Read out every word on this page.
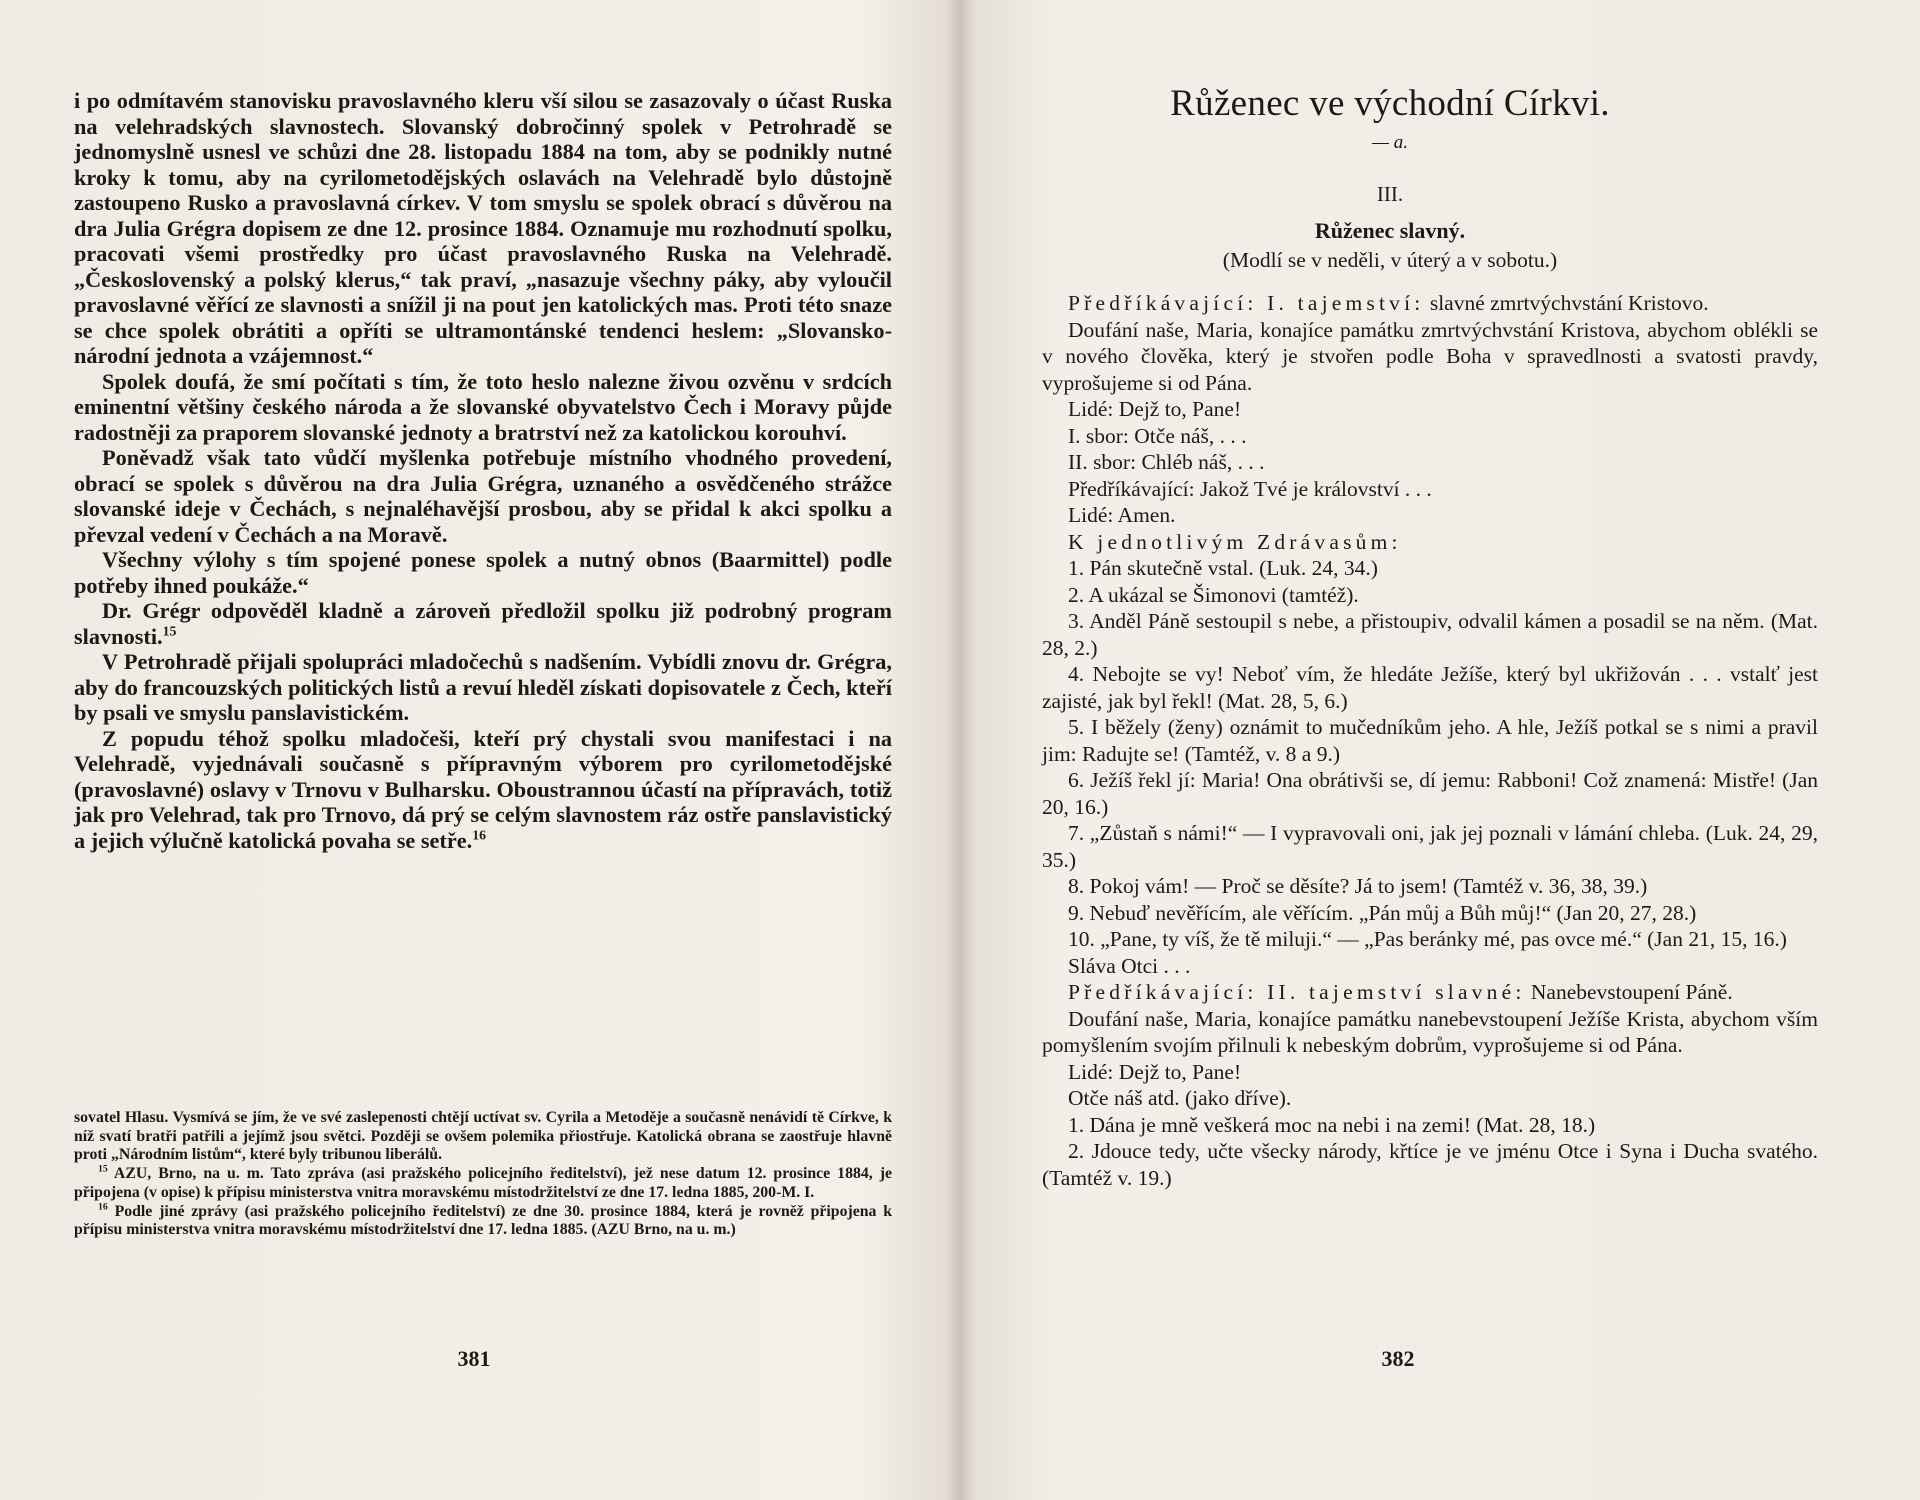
i po odmítavém stanovisku pravoslavného kleru vší silou se zasazovaly o účast Ruska na velehradských slavnostech. Slovanský dobročinný spolek v Petrohradě se jednomyslně usnesl ve schůzi dne 28. listopadu 1884 na tom, aby se podnikly nutné kroky k tomu, aby na cyrilometodějských oslavách na Velehradě bylo důstojně zastoupeno Rusko a pravoslavná církev. V tom smyslu se spolek obrací s důvěrou na dra Julia Grégra dopisem ze dne 12. prosince 1884. Oznamuje mu rozhodnutí spolku, pracovati všemi prostředky pro účast pravoslavného Ruska na Velehradě. „Československý a polský klerus,“ tak praví, „nasazuje všechny páky, aby vyloučil pravoslavné věřící ze slavnosti a snížil ji na pout jen katolických mas. Proti této snaze se chce spolek obrátiti a opříti se ultramontánské tendenci heslem: „Slovansko-národní jednota a vzájemnost.“

Spolek doufá, že smí počítati s tím, že toto heslo nalezne živou ozvěnu v srdcích eminentní většiny českého národa a že slovanské obyvatelstvo Čech i Moravy půjde radostněji za praporem slovanské jednoty a bratrství než za katolickou korouhví.

Poněvadž však tato vůdčí myšlenka potřebuje místního vhodného provedení, obrací se spolek s důvěrou na dra Julia Grégra, uznaného a osvědčeného strážce slovanské ideje v Čechách, s nejnaléhavější prosbou, aby se přidal k akci spolku a převzal vedení v Čechách a na Moravě.

Všechny výlohy s tím spojené ponese spolek a nutný obnos (Baarmittel) podle potřeby ihned poukáže.“

Dr. Grégr odpověděl kladně a zároveň předložil spolku již podrobný program slavnosti.$^{15}$

V Petrohradě přijali spolupráci mladočechů s nadšením. Vybídli znovu dr. Grégra, aby do francouzských politických listů a revuí hleděl získati dopisovatele z Čech, kteří by psali ve smyslu panslavistickém.

Z popudu téhož spolku mladočeši, kteří prý chystali svou manifestaci i na Velehradě, vyjednávali současně s přípravným výborem pro cyrilometodějské (pravoslavné) oslavy v Trnovu v Bulharsku. Oboustrannou účastí na přípravách, totiž jak pro Velehrad, tak pro Trnovo, dá prý se celým slavnostem ráz ostře panslavistický a jejich výlučně katolická povaha se setře.$^{16}$

sovatel Hlasu. Vysmívá se jím, že ve své zaslepenosti chtějí uctívat sv. Cyrila a Metoděje a současně nenávidí tě Církve, k níž svatí bratři patřili a jejímž jsou světci. Později se ovšem polemika přiostřuje. Katolická obrana se zaostřuje hlavně proti „Národním listům“, které byly tribunou liberálů.

$^{15}$ AZU, Brno, na u. m. Tato zpráva (asi pražského policejního ředitelství), jež nese datum 12. prosince 1884, je připojena (v opise) k přípisu ministerstva vnitra moravskému místodržitelství ze dne 17. ledna 1885, 200-M. I.

$^{16}$ Podle jiné zprávy (asi pražského policejního ředitelství) ze dne 30. prosince 1884, která je rovněž připojena k přípisu ministerstva vnitra moravskému místodržitelství dne 17. ledna 1885. (AZU Brno, na u. m.)

381
Růženec ve východní Církvi.
— a.
III.
Růženec slavný.
(Modlí se v neděli, v úterý a v sobotu.)

Předříkávající: I. tajemství: slavné zmrtvýchvstání Kristovo.

Doufání naše, Maria, konajíce památku zmrtvýchvstání Kristova, abychom oblékli se v nového člověka, který je stvořen podle Boha v spravedlnosti a svatosti pravdy, vyprošujeme si od Pána.

Lidé: Dejž to, Pane!

I. sbor: Otče náš, . . .

II. sbor: Chléb náš, . . .

Předříkávající: Jakož Tvé je království . . .

Lidé: Amen.

K jednotlivým Zdrávasům:

1. Pán skutečně vstal. (Luk. 24, 34.)

2. A ukázal se Šimonovi (tamtéž).

3. Anděl Páně sestoupil s nebe, a přistoupiv, odvalil kámen a posadil se na něm. (Mat. 28, 2.)

4. Nebojte se vy! Neboť vím, že hledáte Ježíše, který byl ukřižován . . . vstalť jest zajisté, jak byl řekl! (Mat. 28, 5, 6.)

5. I běžely (ženy) oznámit to mučedníkům jeho. A hle, Ježíš potkal se s nimi a pravil jim: Radujte se! (Tamtéž, v. 8 a 9.)

6. Ježíš řekl jí: Maria! Ona obrátivši se, dí jemu: Rabboni! Což znamená: Mistře! (Jan 20, 16.)

7. „Zůstaň s námi!“ — I vypravovali oni, jak jej poznali v lámání chleba. (Luk. 24, 29, 35.)

8. Pokoj vám! — Proč se děsíte? Já to jsem! (Tamtéž v. 36, 38, 39.)

9. Nebuď nevěřícím, ale věřícím. „Pán můj a Bůh můj!“ (Jan 20, 27, 28.)

10. „Pane, ty víš, že tě miluji.“ — „Pas beránky mé, pas ovce mé.“ (Jan 21, 15, 16.)

Sláva Otci . . .

Předříkávající: II. tajemství slavné: Nanebevstoupení Páně.

Doufání naše, Maria, konajíce památku nanebevstoupení Ježíše Krista, abychom vším pomyšlením svojím přilnuli k nebeským dobrům, vyprošujeme si od Pána.

Lidé: Dejž to, Pane!

Otče náš atd. (jako dříve).

1. Dána je mně veškerá moc na nebi i na zemi! (Mat. 28, 18.)

2. Jdouce tedy, učte všecky národy, křtíce je ve jménu Otce i Syna i Ducha svatého. (Tamtéž v. 19.)

382
